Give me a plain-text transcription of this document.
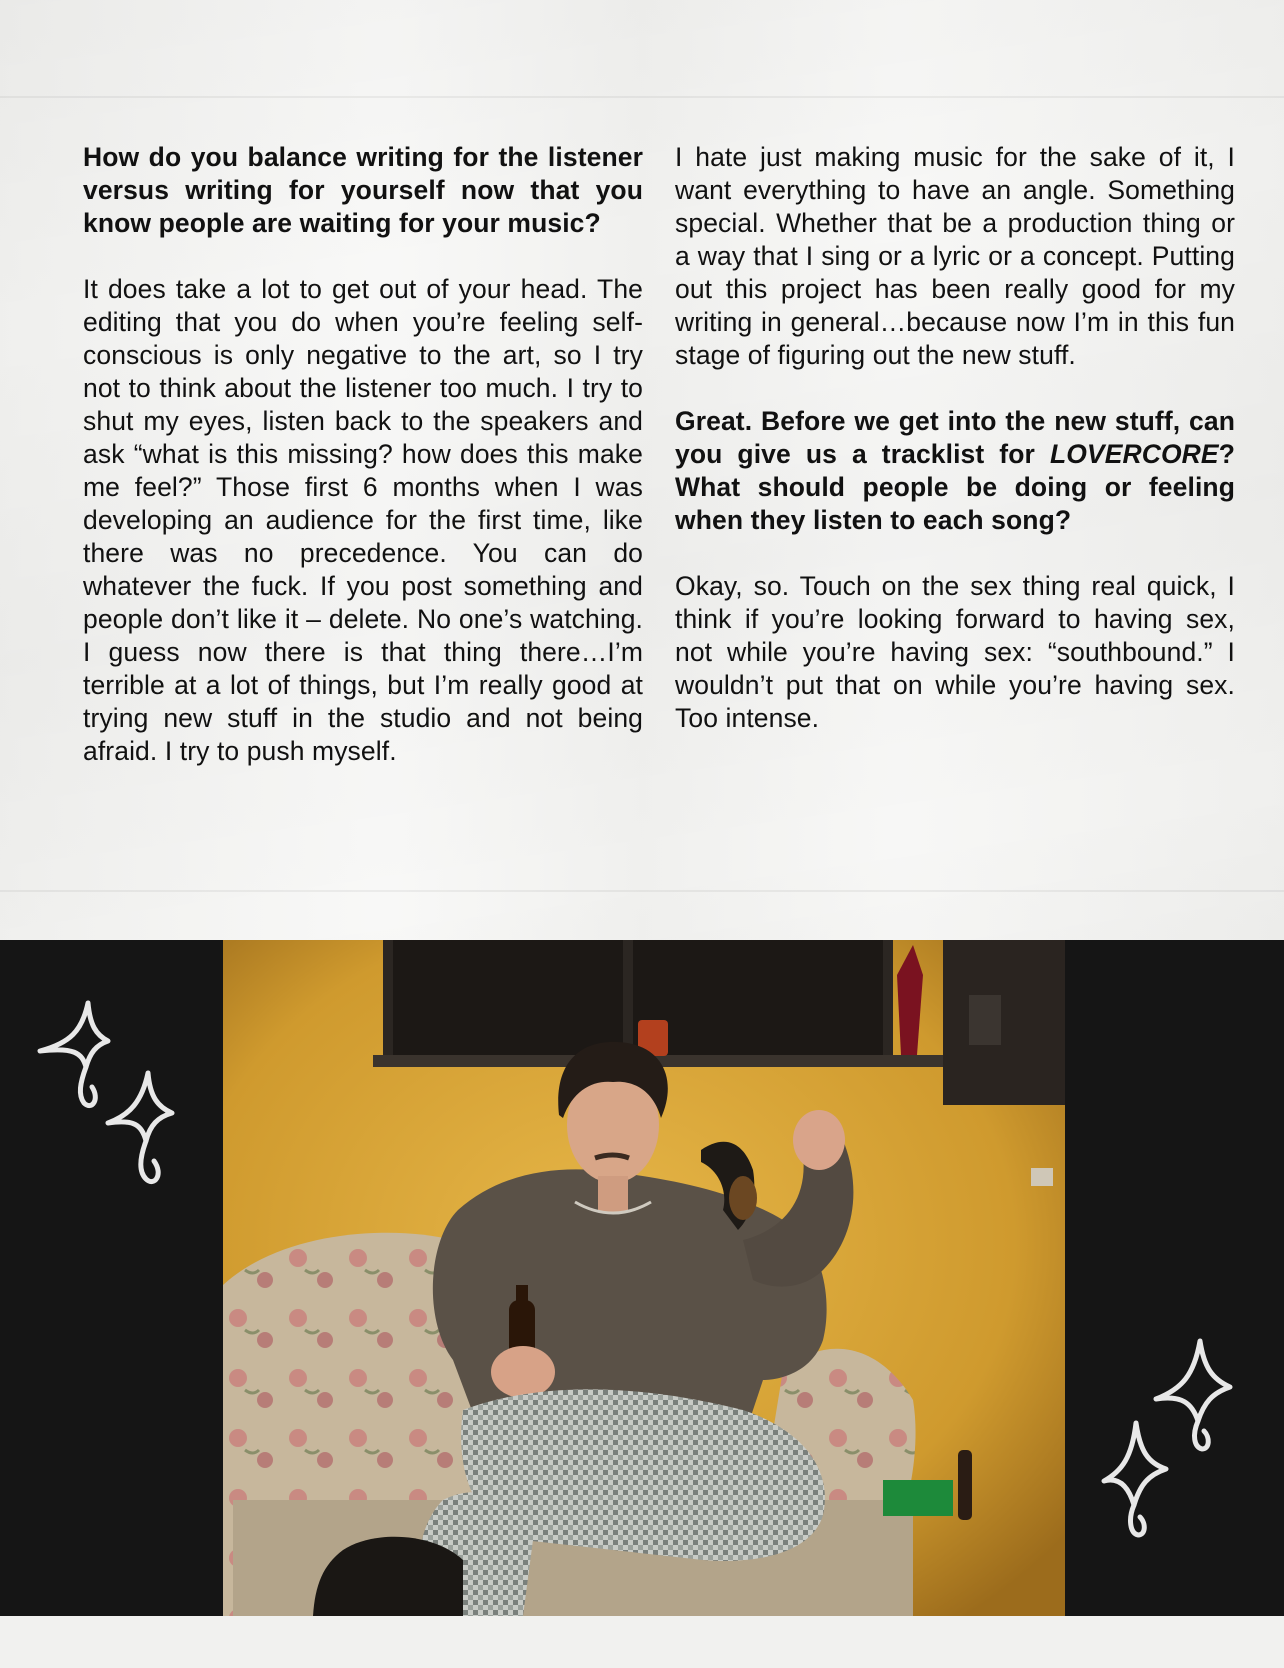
How do you balance writing for the listener versus writing for yourself now that you know people are waiting for your music?

It does take a lot to get out of your head. The editing that you do when you’re feeling self-conscious is only negative to the art, so I try not to think about the listener too much. I try to shut my eyes, listen back to the speakers and ask “what is this missing? how does this make me feel?” Those first 6 months when I was developing an audience for the first time, like there was no precedence. You can do whatever the fuck. If you post something and people don’t like it – delete. No one’s watching. I guess now there is that thing there…I’m terrible at a lot of things, but I’m really good at trying new stuff in the studio and not being afraid. I try to push myself.

I hate just making music for the sake of it, I want everything to have an angle. Something special. Whether that be a production thing or a way that I sing or a lyric or a concept. Putting out this project has been really good for my writing in general…because now I’m in this fun stage of figuring out the new stuff.

Great. Before we get into the new stuff, can you give us a tracklist for LOVERCORE? What should people be doing or feeling when they listen to each song?

Okay, so. Touch on the sex thing real quick, I think if you’re looking forward to having sex, not while you’re having sex: “southbound.” I wouldn’t put that on while you’re having sex. Too intense.
